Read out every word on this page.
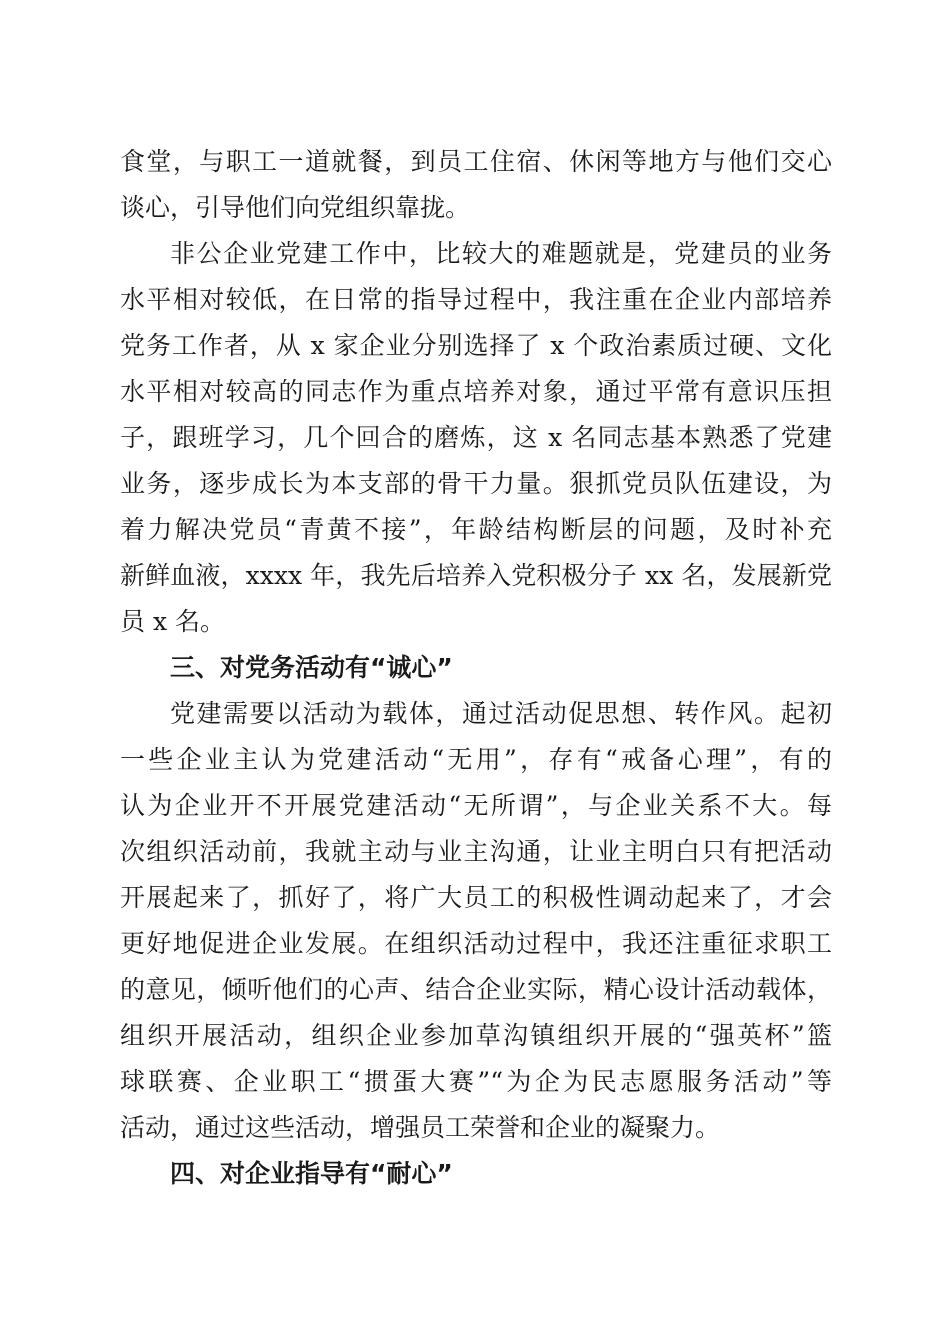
食堂，与职工一道就餐，到员工住宿、休闲等地方与他们交心
谈心，引导他们向党组织靠拢。
非公企业党建工作中，比较大的难题就是，党建员的业务
水平相对较低，在日常的指导过程中，我注重在企业内部培养
党务工作者，从 x 家企业分别选择了 x 个政治素质过硬、文化
水平相对较高的同志作为重点培养对象，通过平常有意识压担
子，跟班学习，几个回合的磨炼，这 x 名同志基本熟悉了党建
业务，逐步成长为本支部的骨干力量。狠抓党员队伍建设，为
着力解决党员“青黄不接”，年龄结构断层的问题，及时补充
新鲜血液，xxxx 年，我先后培养入党积极分子 xx 名，发展新党
员 x 名。
三、对党务活动有“诚心”
党建需要以活动为载体，通过活动促思想、转作风。起初
一些企业主认为党建活动“无用”，存有“戒备心理”，有的
认为企业开不开展党建活动“无所谓”，与企业关系不大。每
次组织活动前，我就主动与业主沟通，让业主明白只有把活动
开展起来了，抓好了，将广大员工的积极性调动起来了，才会
更好地促进企业发展。在组织活动过程中，我还注重征求职工
的意见，倾听他们的心声、结合企业实际，精心设计活动载体，
组织开展活动，组织企业参加草沟镇组织开展的“强英杯”篮
球联赛、企业职工“掼蛋大赛”“为企为民志愿服务活动”等
活动，通过这些活动，增强员工荣誉和企业的凝聚力。
四、对企业指导有“耐心”
